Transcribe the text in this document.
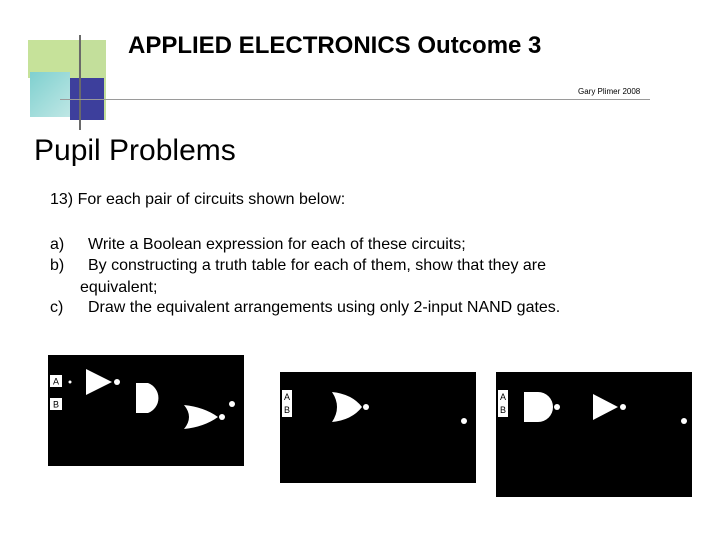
APPLIED ELECTRONICS Outcome 3
Gary Plimer 2008
Pupil Problems
13) For each pair of circuits shown below:
a) Write a Boolean expression for each of these circuits;
b) By constructing a truth table for each of them, show that they are
equivalent;
c) Draw the equivalent arrangements using only 2-input NAND gates.
A
B
A
B
A
B
